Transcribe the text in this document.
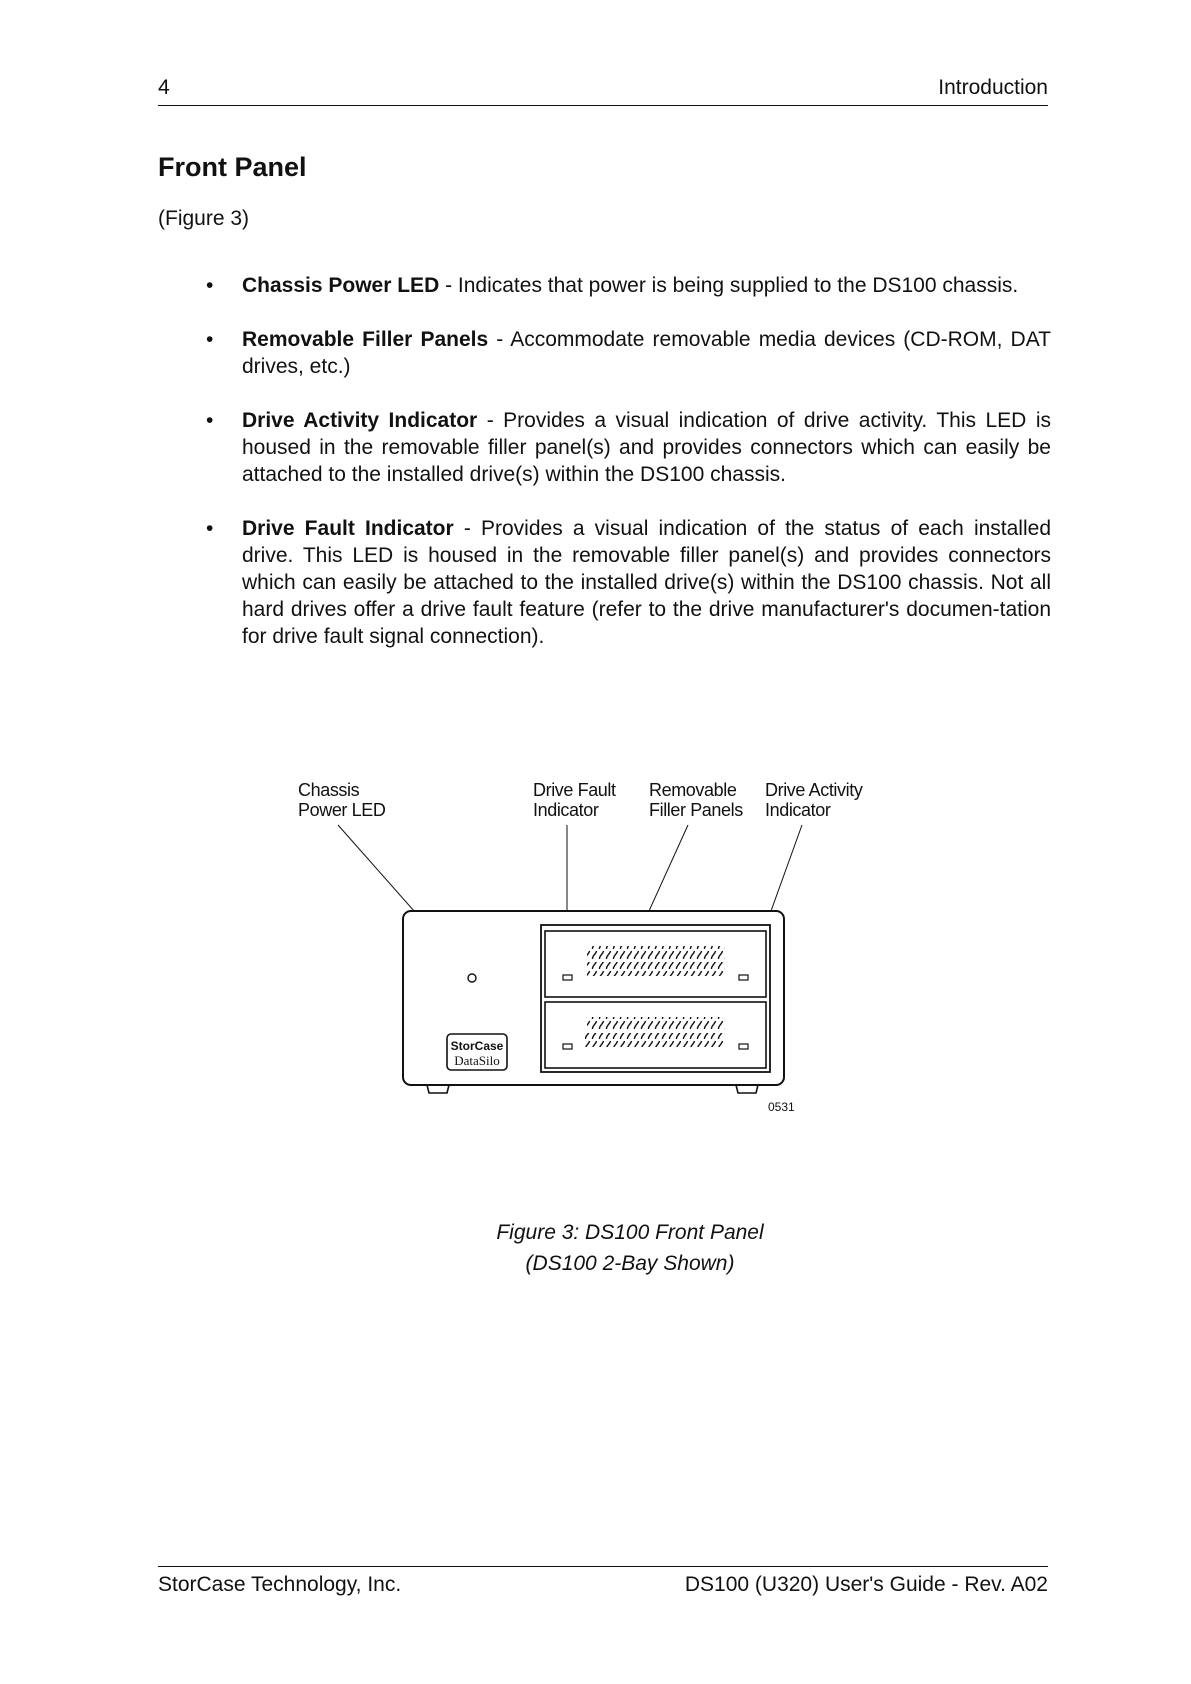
4	Introduction
Front Panel
(Figure 3)
• Chassis Power LED - Indicates that power is being supplied to the DS100 chassis.
• Removable Filler Panels - Accommodate removable media devices (CD-ROM, DAT drives, etc.)
• Drive Activity Indicator - Provides a visual indication of drive activity. This LED is housed in the removable filler panel(s) and provides connectors which can easily be attached to the installed drive(s) within the DS100 chassis.
• Drive Fault Indicator - Provides a visual indication of the status of each installed drive. This LED is housed in the removable filler panel(s) and provides connectors which can easily be attached to the installed drive(s) within the DS100 chassis. Not all hard drives offer a drive fault feature (refer to the drive manufacturer's documen-tation for drive fault signal connection).
Chassis
Power LED
Drive Fault
Indicator
Removable
Filler Panels
Drive Activity
Indicator
StorCase
DataSilo
0531
Figure 3: DS100 Front Panel
(DS100 2-Bay Shown)
StorCase Technology, Inc.	DS100 (U320) User's Guide - Rev. A02
